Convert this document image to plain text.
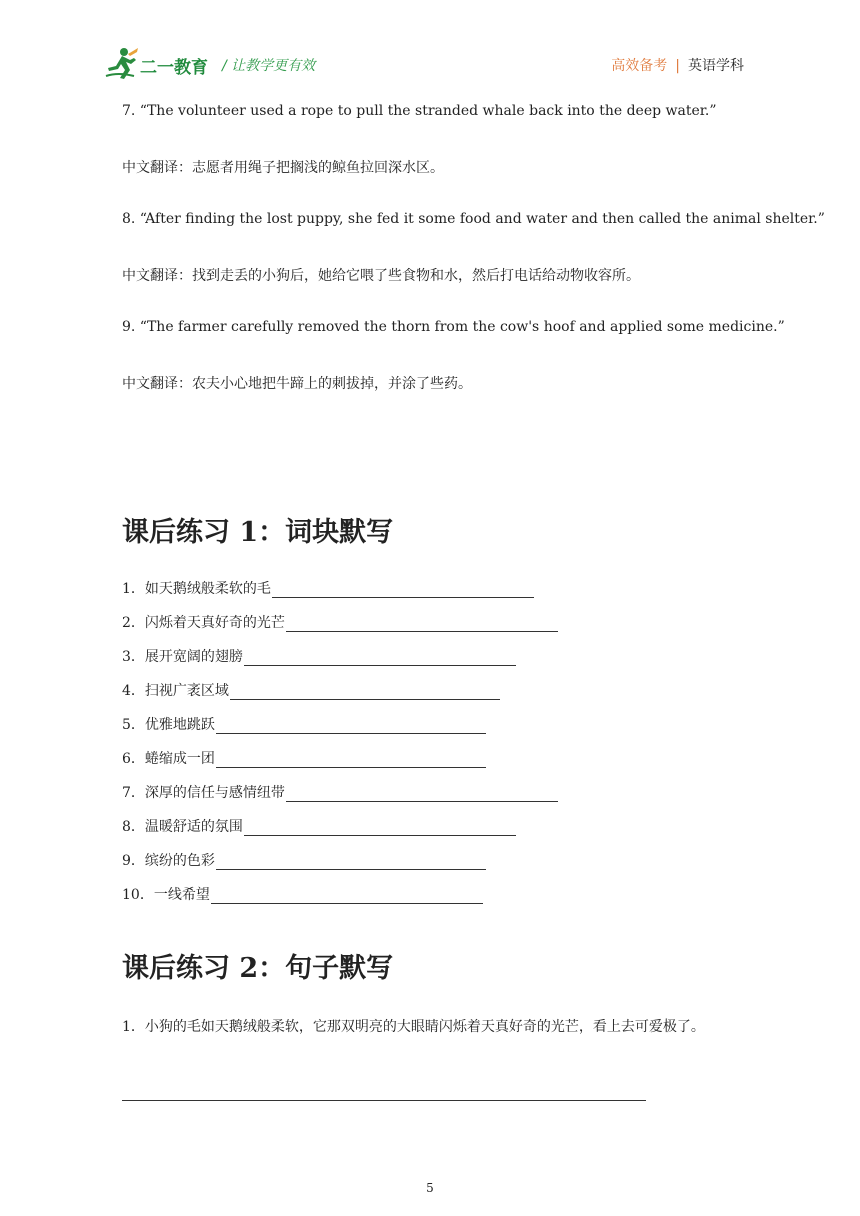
二一教育 / 让教学更有效	高效备考 | 英语学科
7. “The volunteer used a rope to pull the stranded whale back into the deep water.”
中文翻译：志愿者用绳子把搁浅的鲸鱼拉回深水区。
8. “After finding the lost puppy, she fed it some food and water and then called the animal shelter.”
中文翻译：找到走丢的小狗后，她给它喂了些食物和水，然后打电话给动物收容所。
9. “The farmer carefully removed the thorn from the cow's hoof and applied some medicine.”
中文翻译：农夫小心地把牛蹄上的刺拔掉，并涂了些药。
课后练习 1：词块默写
1．如天鹅绒般柔软的毛
2．闪烁着天真好奇的光芒
3．展开宽阔的翅膀
4．扫视广袤区域
5．优雅地跳跃
6．蜷缩成一团
7．深厚的信任与感情纽带
8．温暖舒适的氛围
9．缤纷的色彩
10．一线希望
课后练习 2：句子默写
1．小狗的毛如天鹅绒般柔软，它那双明亮的大眼睛闪烁着天真好奇的光芒，看上去可爱极了。
5
